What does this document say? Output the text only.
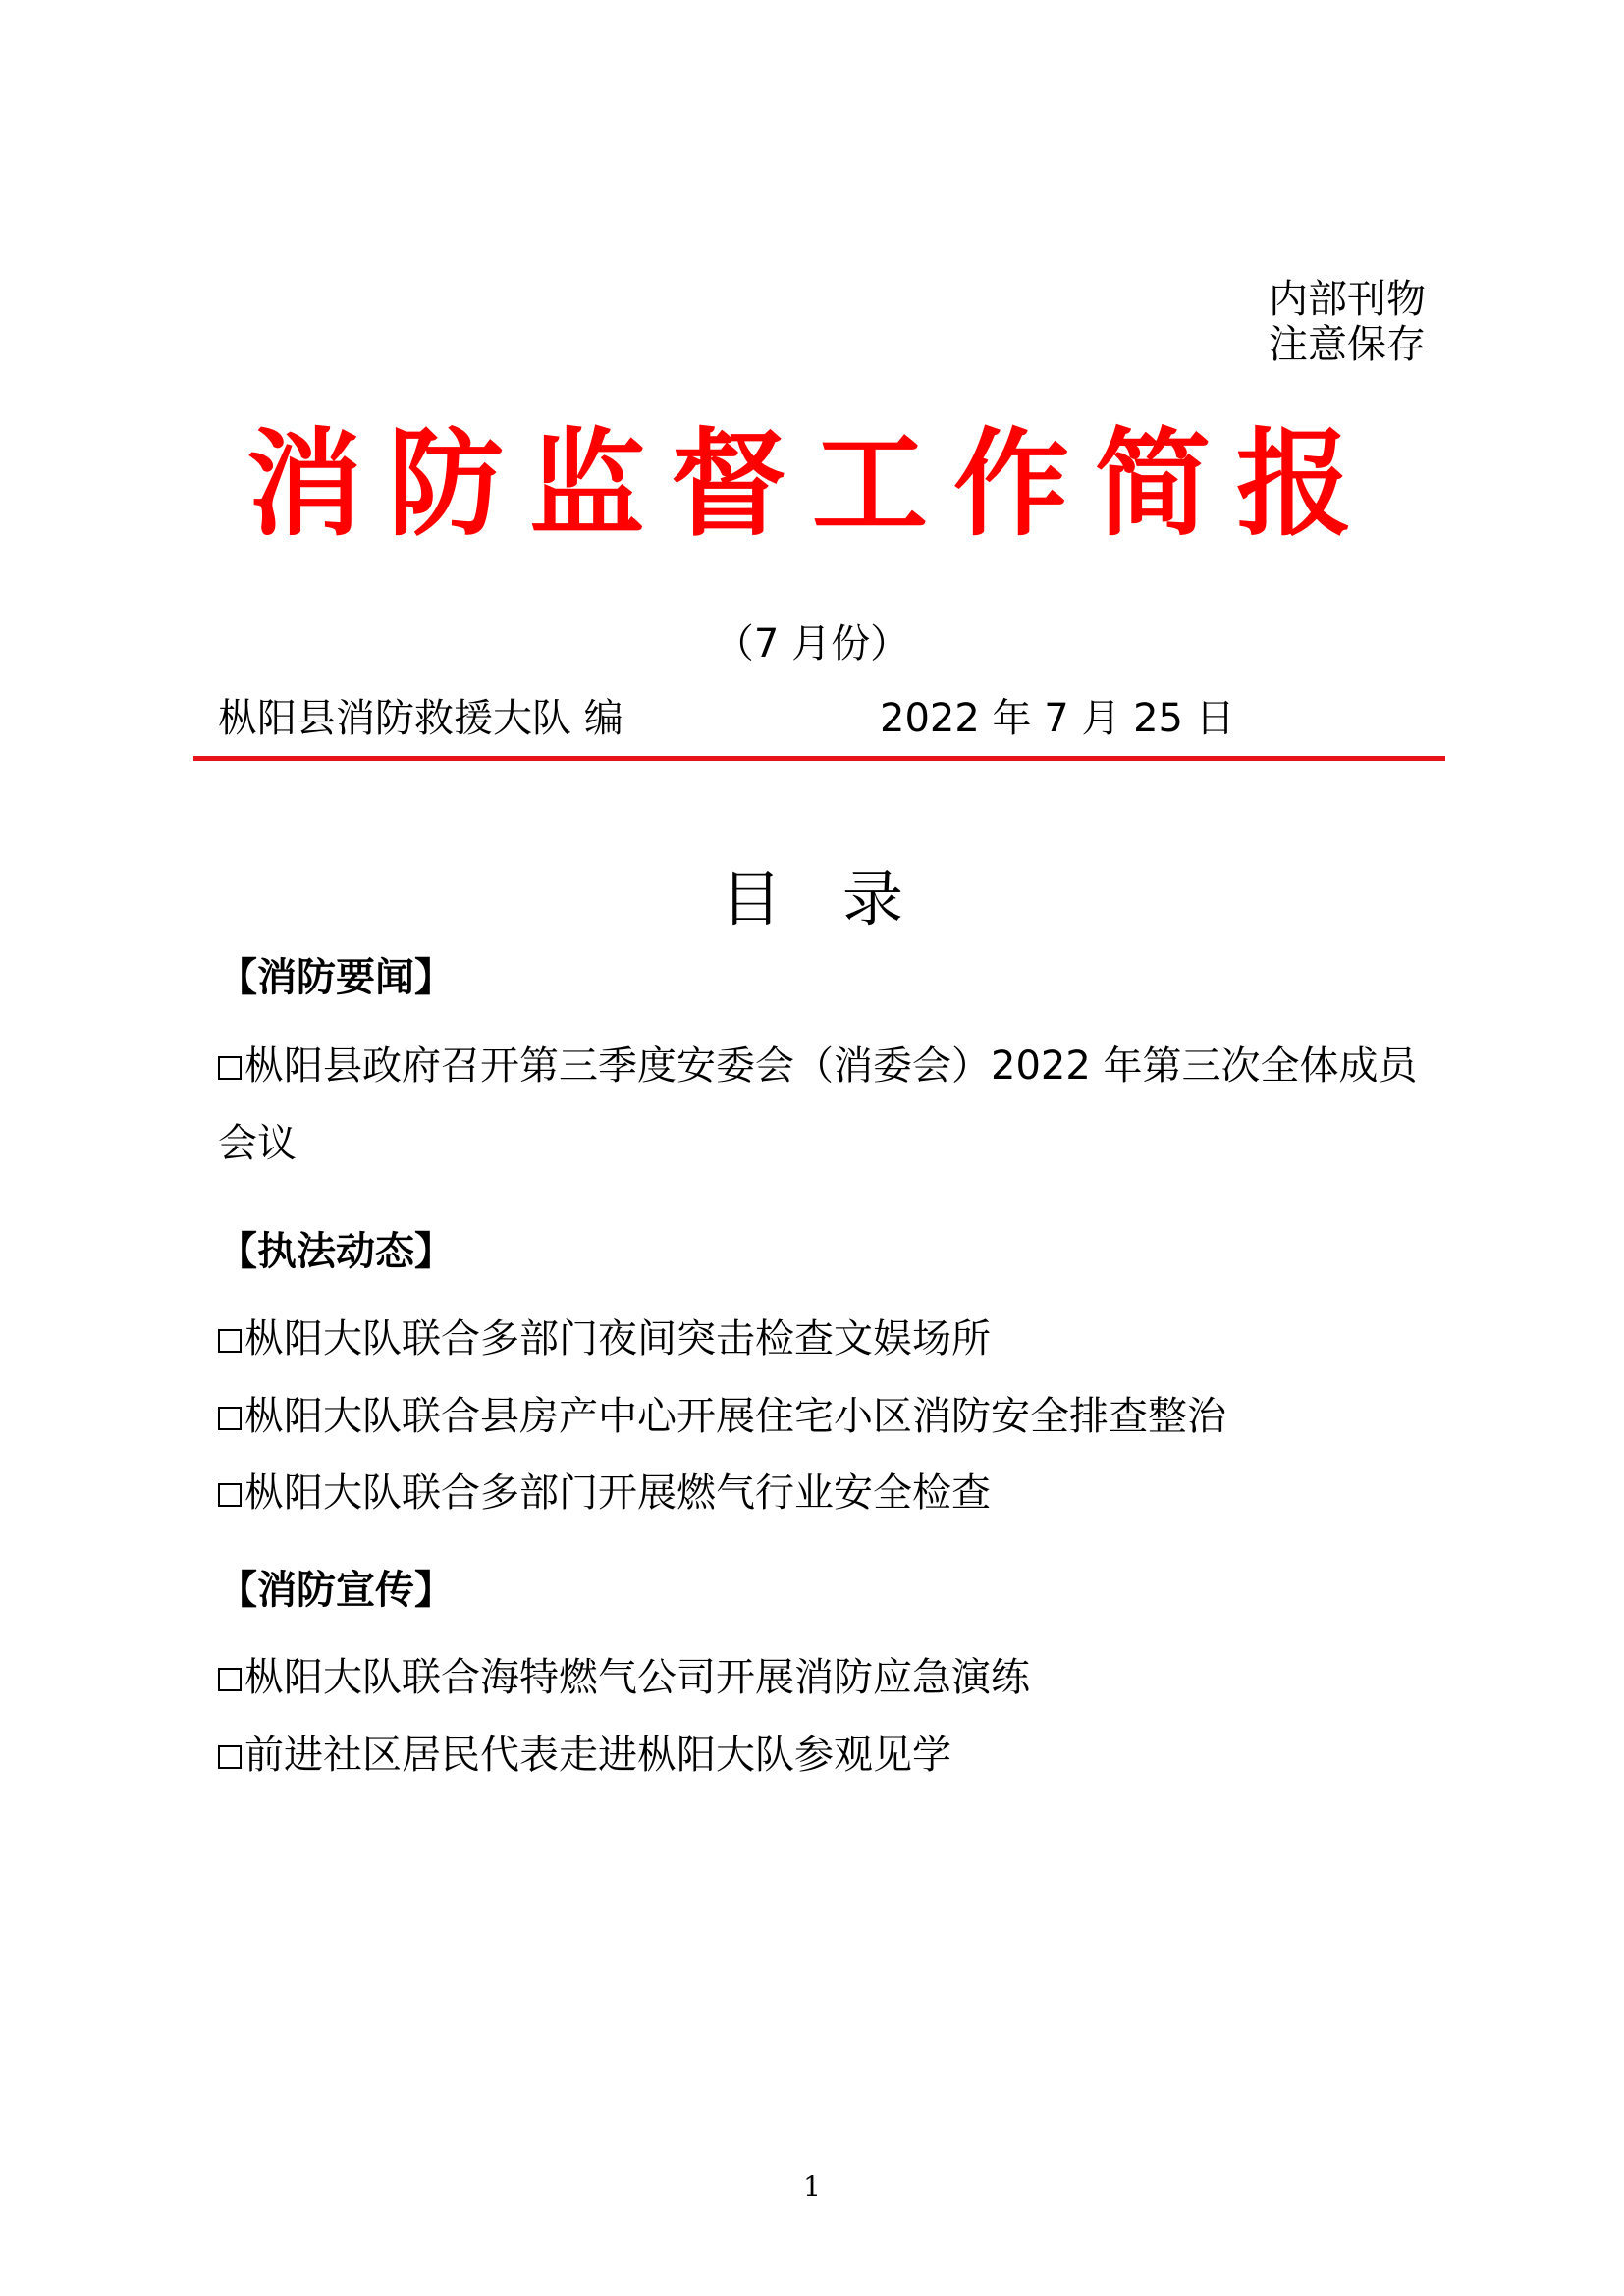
内部刊物
注意保存
消防监督工作简报
（7 月份）
枞阳县消防救援大队 编	2022 年 7 月 25 日
目录
【消防要闻】
枞阳县政府召开第三季度安委会（消委会）2022 年第三次全体成员会议
【执法动态】
枞阳大队联合多部门夜间突击检查文娱场所
枞阳大队联合县房产中心开展住宅小区消防安全排查整治
枞阳大队联合多部门开展燃气行业安全检查
【消防宣传】
枞阳大队联合海特燃气公司开展消防应急演练
前进社区居民代表走进枞阳大队参观见学
1
